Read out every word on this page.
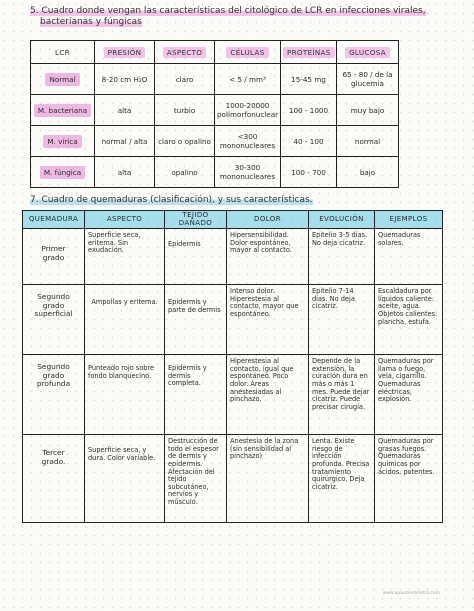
5. Cuadro donde vengan las características del citológico de LCR en infecciones virales,
bacterianas y fúngicas
LCR	PRESIÓN	ASPECTO	CÉLULAS	PROTEÍNAS	GLUCOSA
Normal	8-20 cm H₂O	claro	< 5 / mm³	15-45 mg	65 - 80 / de la glucemia
M. bacteriana	alta	turbio	1000-20000 polimorfonuclear	100 - 1000	muy bajo
M. vírica	normal / alta	claro o opalino	<300 mononucleares	40 - 100	normal
M. fúngica	alta	opalino	30-300 mononucleares	100 - 700	bajo
7. Cuadro de quemaduras (clasificación), y sus características.
QUEMADURA	ASPECTO	TEJIDO DAÑADO	DOLOR	EVOLUCIÓN	EJEMPLOS
Primer
grado	Superficie seca, eritema. Sin exudación.	Epidermis	Hipersensibilidad. Dolor espontáneo, mayor al contacto.	Epitelio 3-5 días. No deja cicatriz.	Quemaduras solares.
Segundo
grado
superficial	Ampollas y eritema.	Epidermis y parte de dermis	Intenso dolor. Hiperestesia al contacto, mayor que espontáneo.	Epitelio 7-14 días. No deja cicatriz.	Escaldadura por líquidos caliente: aceite, agua. Objetos calientes: plancha, estufa.
Segundo
grado
profunda	Punteado rojo sobre fondo blanquecino.	Epidermis y dermis completa.	Hiperestesia al contacto, igual que espontáneo. Poco dolor. Áreas anestesiadas al pinchazo.	Depende de la extensión, la curación dura en más o más 1 mes. Puede dejar cicatriz. Puede precisar cirugía.	Quemaduras por llama o fuego, vela, cigarrillo. Quemaduras eléctricas, explosión.
Tercer
grado.	Superficie seca, y dura. Color variable.	Destrucción de todo el espesor de dermis y epidermis. Afectación del tejido subcutáneo, nervios y músculo.	Anestesia de la zona (sin sensibilidad al pinchazo)	Lenta. Existe riesgo de infección profunda. Precisa tratamiento quirúrgico. Deja cicatriz.	Quemaduras por grasas fuegos. Quemaduras químicas por ácidos, potentes.
www.apuntesdeletra.com
